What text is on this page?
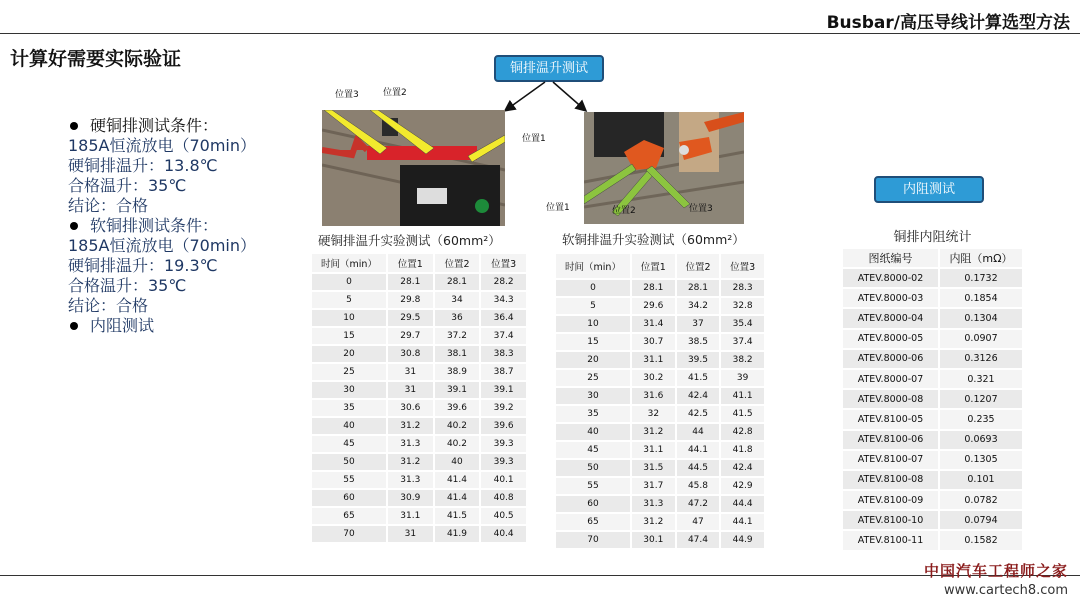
Busbar/高压导线计算选型方法
计算好需要实际验证
硬铜排测试条件：
185A恒流放电（70min）
硬铜排温升：13.8℃
合格温升：35℃
结论：合格
软铜排测试条件：
185A恒流放电（70min）
硬铜排温升：19.3℃
合格温升：35℃
结论：合格
内阻测试
铜排温升测试
位置3	位置2
位置1
位置1	位置2	位置3
内阻测试
硬铜排温升实验测试（60mm²）			
时间（min）	位置1	位置2	位置3
0	28.1	28.1	28.2
5	29.8	34	34.3
10	29.5	36	36.4
15	29.7	37.2	37.4
20	30.8	38.1	38.3
25	31	38.9	38.7
30	31	39.1	39.1
35	30.6	39.6	39.2
40	31.2	40.2	39.6
45	31.3	40.2	39.3
50	31.2	40	39.3
55	31.3	41.4	40.1
60	30.9	41.4	40.8
65	31.1	41.5	40.5
70	31	41.9	40.4
软铜排温升实验测试（60mm²）			
时间（min）	位置1	位置2	位置3
0	28.1	28.1	28.3
5	29.6	34.2	32.8
10	31.4	37	35.4
15	30.7	38.5	37.4
20	31.1	39.5	38.2
25	30.2	41.5	39
30	31.6	42.4	41.1
35	32	42.5	41.5
40	31.2	44	42.8
45	31.1	44.1	41.8
50	31.5	44.5	42.4
55	31.7	45.8	42.9
60	31.3	47.2	44.4
65	31.2	47	44.1
70	30.1	47.4	44.9
铜排内阻统计	
图纸编号	内阻（mΩ）
ATEV.8000-02	0.1732
ATEV.8000-03	0.1854
ATEV.8000-04	0.1304
ATEV.8000-05	0.0907
ATEV.8000-06	0.3126
ATEV.8000-07	0.321
ATEV.8000-08	0.1207
ATEV.8100-05	0.235
ATEV.8100-06	0.0693
ATEV.8100-07	0.1305
ATEV.8100-08	0.101
ATEV.8100-09	0.0782
ATEV.8100-10	0.0794
ATEV.8100-11	0.1582
中国汽车工程师之家
www.cartech8.com
